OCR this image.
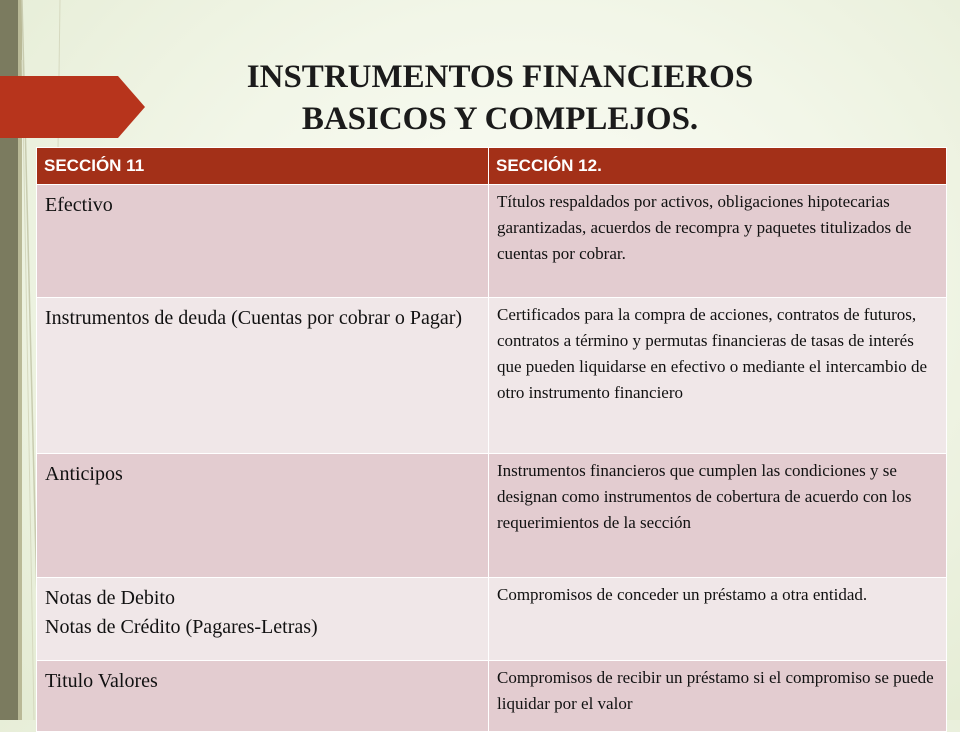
INSTRUMENTOS FINANCIEROS
BASICOS Y COMPLEJOS.
SECCIÓN 11	SECCIÓN 12.

Efectivo	Títulos respaldados por activos, obligaciones hipotecarias garantizadas, acuerdos de recompra y paquetes titulizados de cuentas por cobrar.

Instrumentos de deuda (Cuentas por cobrar o Pagar)	Certificados para la compra de acciones, contratos de futuros, contratos a término y permutas financieras de tasas de interés que pueden liquidarse en efectivo o mediante el intercambio de otro instrumento financiero

Anticipos	Instrumentos financieros que cumplen las condiciones y se designan como instrumentos de cobertura de acuerdo con los requerimientos de la sección

Notas de Debito
Notas de Crédito (Pagares-Letras)	Compromisos de conceder un préstamo a otra entidad.

Titulo Valores	Compromisos de recibir un préstamo si el compromiso se puede liquidar por el valor
